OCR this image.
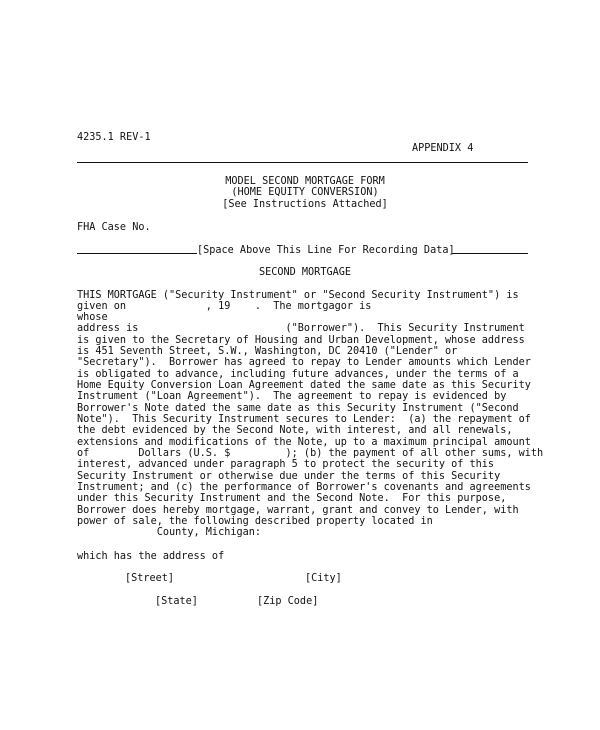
4235.1 REV-1
APPENDIX 4
MODEL SECOND MORTGAGE FORM
(HOME EQUITY CONVERSION)
[See Instructions Attached]
FHA Case No.
[Space Above This Line For Recording Data]
SECOND MORTGAGE
THIS MORTGAGE ("Security Instrument" or "Second Security Instrument") is
given on             , 19    .  The mortgagor is
whose
address is                        ("Borrower").  This Security Instrument
is given to the Secretary of Housing and Urban Development, whose address
is 451 Seventh Street, S.W., Washington, DC 20410 ("Lender" or
"Secretary").  Borrower has agreed to repay to Lender amounts which Lender
is obligated to advance, including future advances, under the terms of a
Home Equity Conversion Loan Agreement dated the same date as this Security
Instrument ("Loan Agreement").  The agreement to repay is evidenced by
Borrower's Note dated the same date as this Security Instrument ("Second
Note").  This Security Instrument secures to Lender:  (a) the repayment of
the debt evidenced by the Second Note, with interest, and all renewals,
extensions and modifications of the Note, up to a maximum principal amount
of        Dollars (U.S. $         ); (b) the payment of all other sums, with
interest, advanced under paragraph 5 to protect the security of this
Security Instrument or otherwise due under the terms of this Security
Instrument; and (c) the performance of Borrower's covenants and agreements
under this Security Instrument and the Second Note.  For this purpose,
Borrower does hereby mortgage, warrant, grant and convey to Lender, with
power of sale, the following described property located in
County, Michigan:
which has the address of
[Street]	[City]
[State]	[Zip Code]
